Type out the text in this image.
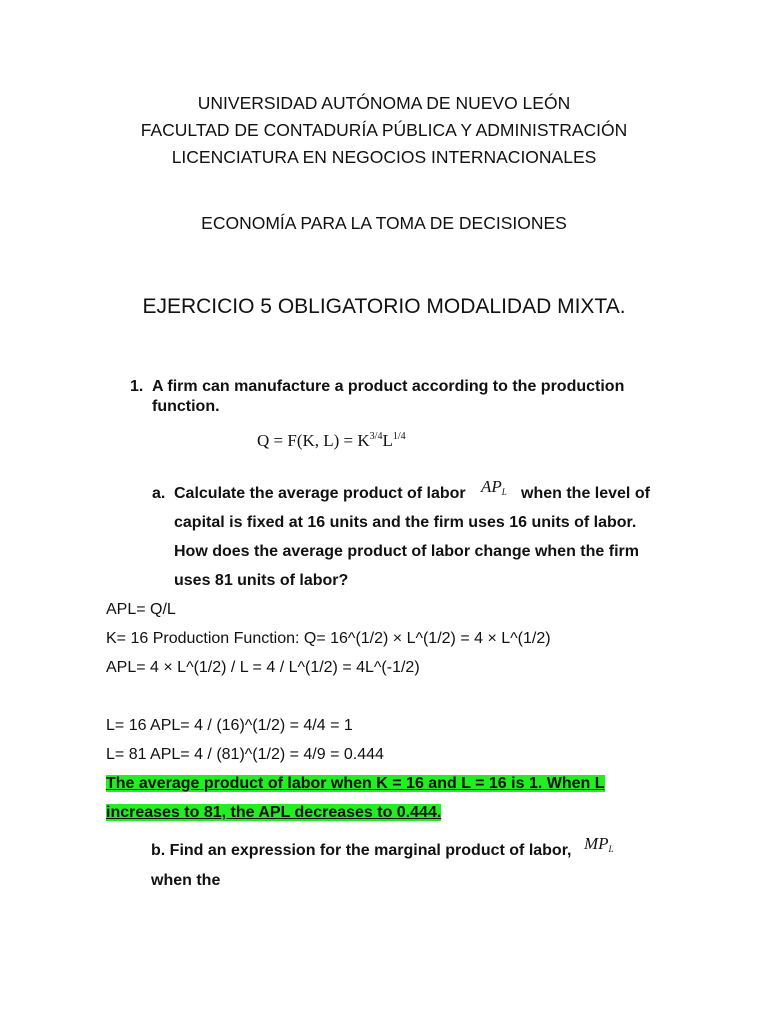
UNIVERSIDAD AUTÓNOMA DE NUEVO LEÓN
FACULTAD DE CONTADURÍA PÚBLICA Y ADMINISTRACIÓN
LICENCIATURA EN NEGOCIOS INTERNACIONALES
ECONOMÍA PARA LA TOMA DE DECISIONES
EJERCICIO 5 OBLIGATORIO MODALIDAD MIXTA.
1. A firm can manufacture a product according to the production
function.
Q = F(K, $L) = K^{3/4}L^{1/4}$
a. Calculate the average product of labor $AP_L$ when the level of
capital is fixed at 16 units and the firm uses 16 units of labor.
How does the average product of labor change when the firm
uses 81 units of labor?
APL= Q/L
K= 16 Production Function: Q= 16^(1/2) × L^(1/2) = 4 × L^(1/2)
APL= 4 × L^(1/2) / L = 4 / L^(1/2) = 4L^(-1/2)
L= 16 APL= 4 / (16)^(1/2) = 4/4 = 1
L= 81 APL= 4 / (81)^(1/2) = 4/9 = 0.444
The average product of labor when K = 16 and L = 16 is 1. When L
increases to 81, the APL decreases to 0.444.
b. Find an expression for the marginal product of labor, $MP_L$
when the
